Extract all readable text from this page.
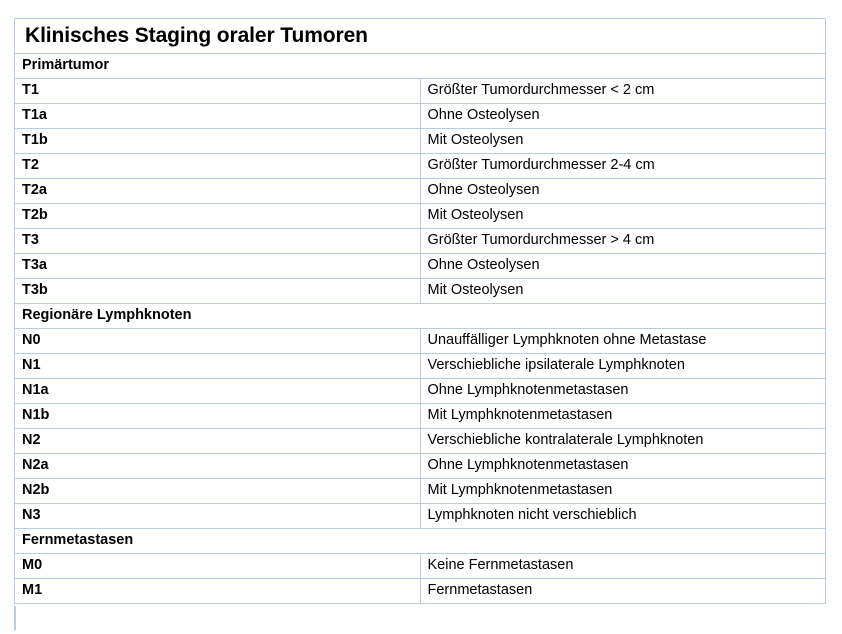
Klinisches Staging oraler Tumoren	
Primärtumor	
T1	Größter Tumordurchmesser < 2 cm
T1a	Ohne Osteolysen
T1b	Mit Osteolysen
T2	Größter Tumordurchmesser 2-4 cm
T2a	Ohne Osteolysen
T2b	Mit Osteolysen
T3	Größter Tumordurchmesser > 4 cm
T3a	Ohne Osteolysen
T3b	Mit Osteolysen
Regionäre Lymphknoten	
N0	Unauffälliger Lymphknoten ohne Metastase
N1	Verschiebliche ipsilaterale Lymphknoten
N1a	Ohne Lymphknotenmetastasen
N1b	Mit Lymphknotenmetastasen
N2	Verschiebliche kontralaterale Lymphknoten
N2a	Ohne Lymphknotenmetastasen
N2b	Mit Lymphknotenmetastasen
N3	Lymphknoten nicht verschieblich
Fernmetastasen	
M0	Keine Fernmetastasen
M1	Fernmetastasen
